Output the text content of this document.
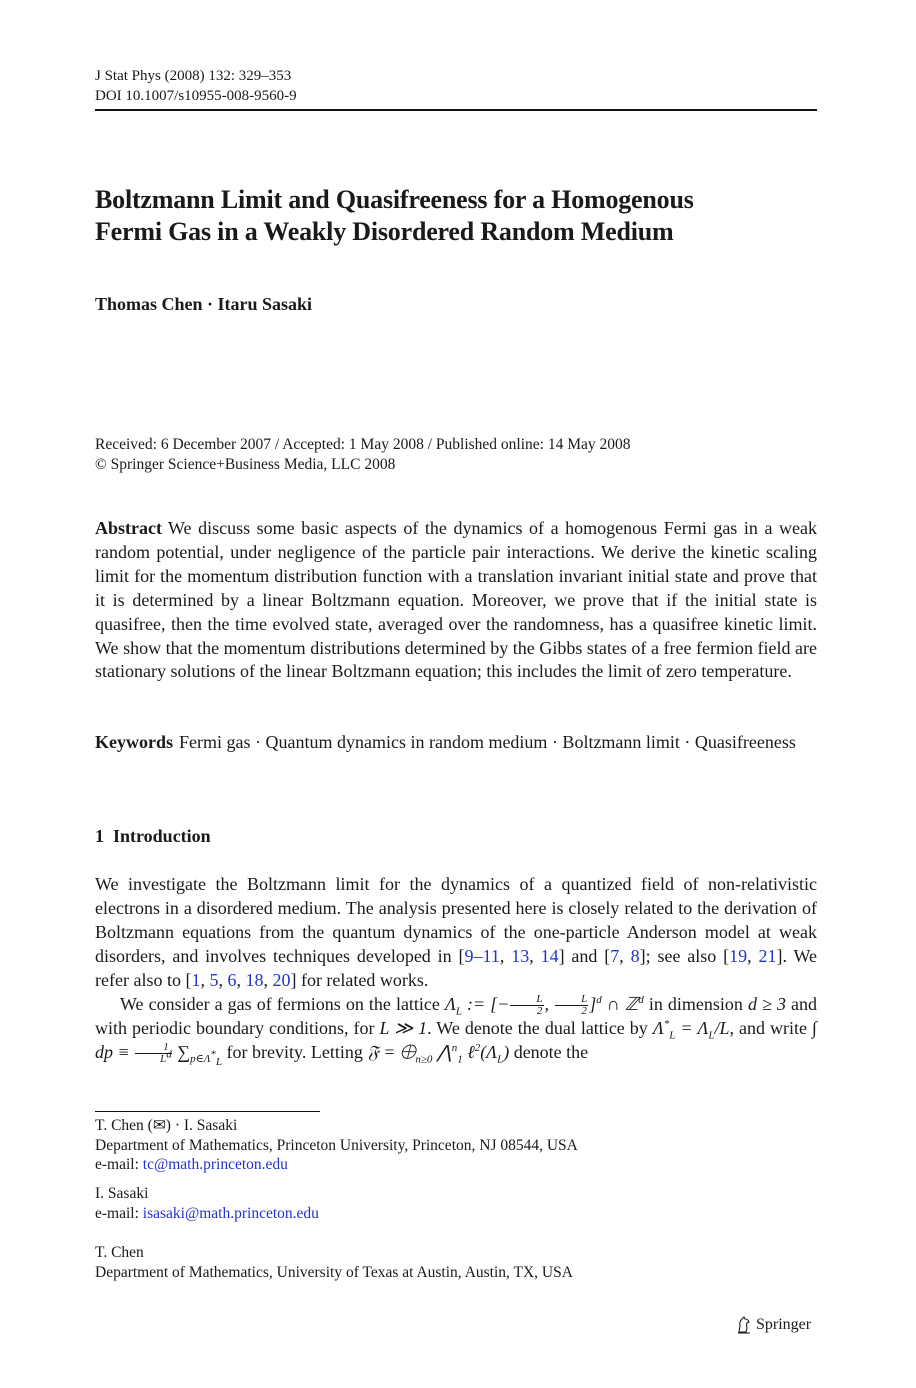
J Stat Phys (2008) 132: 329–353
DOI 10.1007/s10955-008-9560-9
Boltzmann Limit and Quasifreeness for a Homogenous
Fermi Gas in a Weakly Disordered Random Medium
Thomas Chen · Itaru Sasaki
Received: 6 December 2007 / Accepted: 1 May 2008 / Published online: 14 May 2008
© Springer Science+Business Media, LLC 2008
Abstract We discuss some basic aspects of the dynamics of a homogenous Fermi gas in a weak random potential, under negligence of the particle pair interactions. We derive the kinetic scaling limit for the momentum distribution function with a translation invariant initial state and prove that it is determined by a linear Boltzmann equation. Moreover, we prove that if the initial state is quasifree, then the time evolved state, averaged over the randomness, has a quasifree kinetic limit. We show that the momentum distributions determined by the Gibbs states of a free fermion field are stationary solutions of the linear Boltzmann equation; this includes the limit of zero temperature.
Keywords Fermi gas · Quantum dynamics in random medium · Boltzmann limit · Quasifreeness
1 Introduction

We investigate the Boltzmann limit for the dynamics of a quantized field of non-relativistic electrons in a disordered medium. The analysis presented here is closely related to the derivation of Boltzmann equations from the quantum dynamics of the one-particle Anderson model at weak disorders, and involves techniques developed in [9–11, 13, 14] and [7, 8]; see also [19, 21]. We refer also to [1, 5, 6, 18, 20] for related works.

We consider a gas of fermions on the lattice $\Lambda_L$ := [− $\frac{L}{2}$ , $\frac{L}{2} ]^d$ ∩ ℤ$^d$ in dimension d ≥ 3 and with periodic boundary conditions, for L ≫ 1. We denote the dual lattice by $\Lambda^*_L = \Lambda_L/L$, and write ∫ dp ≡ $\frac{1}{L^d} \sum_{p\in\Lambda^*_L}$ for brevity. Letting 𝔉 = $⨁_{n\ge 0}$ ⋀$^n_1$ $\ell^2(\Lambda_L)$ denote the

T. Chen (✉) · I. Sasaki
Department of Mathematics, Princeton University, Princeton, NJ 08544, USA
e-mail: tc@math.princeton.edu
I. Sasaki
e-mail: isasaki@math.princeton.edu
T. Chen
Department of Mathematics, University of Texas at Austin, Austin, TX, USA
Springer
